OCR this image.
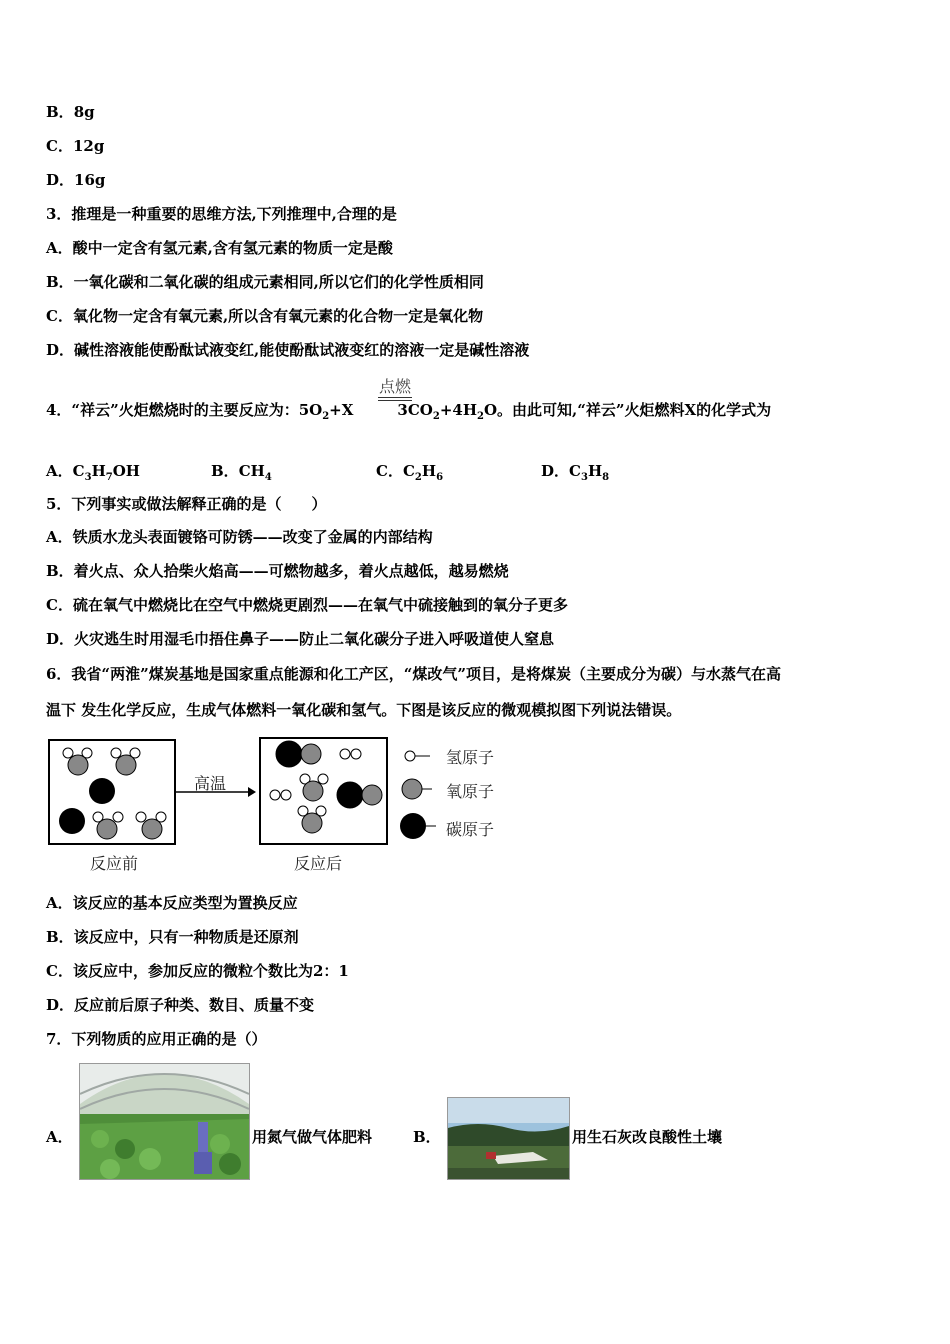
B．8g
C．12g
D．16g
3．推理是一种重要的思维方法,下列推理中,合理的是
A．酸中一定含有氢元素,含有氢元素的物质一定是酸
B．一氧化碳和二氧化碳的组成元素相同,所以它们的化学性质相同
C．氧化物一定含有氧元素,所以含有氧元素的化合物一定是氧化物
D．碱性溶液能使酚酞试液变红,能使酚酞试液变红的溶液一定是碱性溶液
点燃
4．“祥云”火炬燃烧时的主要反应为：$5O_2+X$	$3CO_2+4H_2O$。由此可知,“祥云”火炬燃料X的化学式为
A．$C_3H_7OH$	B．$CH_4$	C．$C_2H_6$	D．$C_3H_8$
5．下列事实或做法解释正确的是（　　）
A．铁质水龙头表面镀铬可防锈——改变了金属的内部结构
B．着火点、众人拾柴火焰高——可燃物越多，着火点越低，越易燃烧
C．硫在氧气中燃烧比在空气中燃烧更剧烈——在氧气中硫接触到的氧分子更多
D．火灾逃生时用湿毛巾捂住鼻子——防止二氧化碳分子进入呼吸道使人窒息
6．我省“两淮”煤炭基地是国家重点能源和化工产区，“煤改气”项目，是将煤炭（主要成分为碳）与水蒸气在高
温下 发生化学反应，生成气体燃料一氧化碳和氢气。下图是该反应的微观模拟图下列说法错误。
高温
反应前	反应后
氢原子
氧原子
碳原子
A．该反应的基本反应类型为置换反应
B．该反应中，只有一种物质是还原剂
C．该反应中，参加反应的微粒个数比为2：1
D．反应前后原子种类、数目、质量不变
7．下列物质的应用正确的是（）
A．	用氮气做气体肥料	B．	用生石灰改良酸性土壤
